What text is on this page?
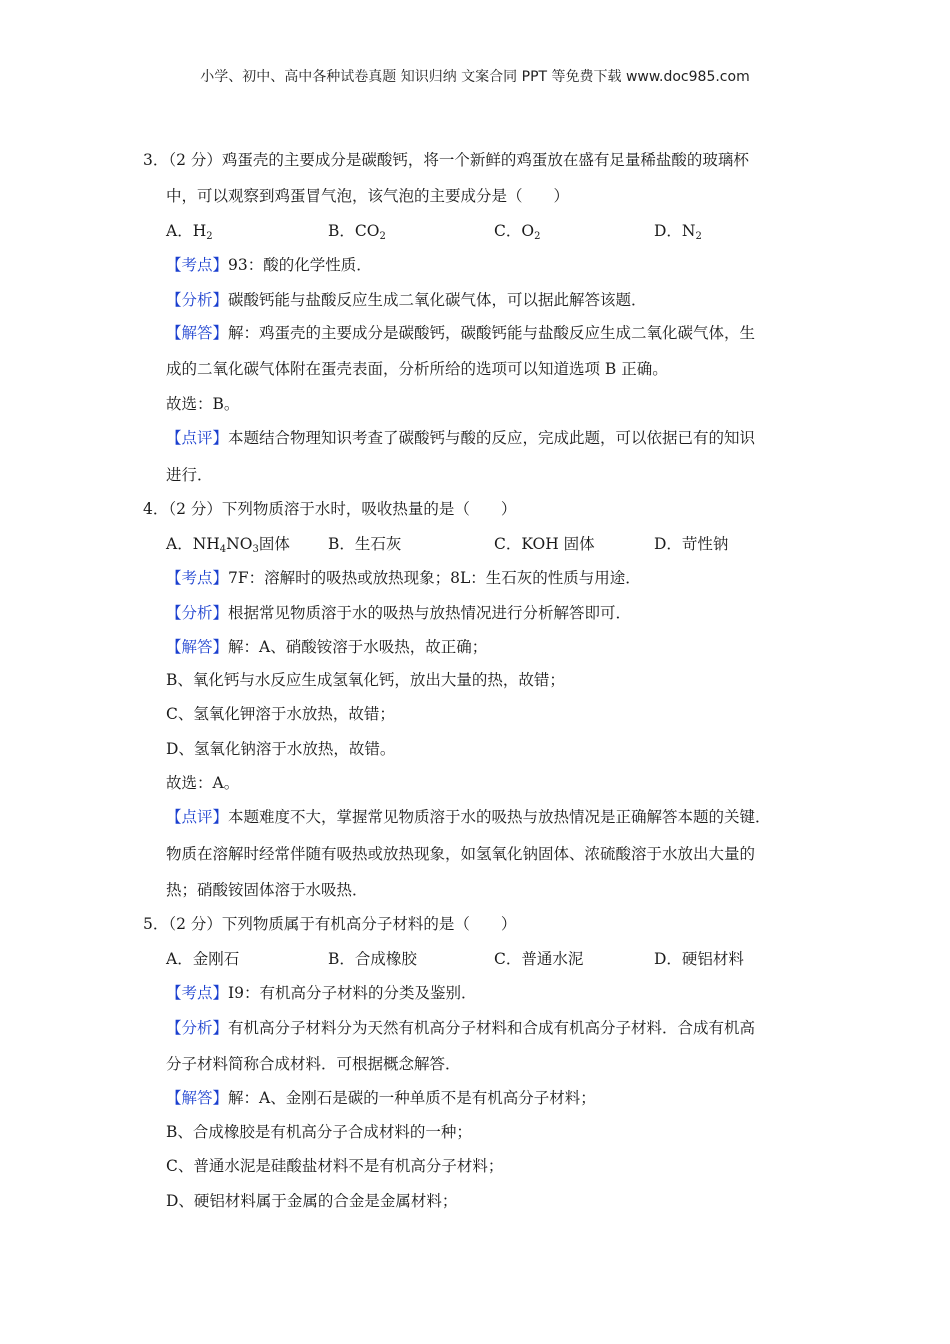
小学、初中、高中各种试卷真题 知识归纳 文案合同 PPT 等免费下载 www.doc985.com
3．（2 分）鸡蛋壳的主要成分是碳酸钙，将一个新鲜的鸡蛋放在盛有足量稀盐酸的玻璃杯
中，可以观察到鸡蛋冒气泡，该气泡的主要成分是（　　）
A．$H_2$	B．$CO_2$	C．$O_2$	D．$N_2$
【考点】93：酸的化学性质．
【分析】碳酸钙能与盐酸反应生成二氧化碳气体，可以据此解答该题．
【解答】解：鸡蛋壳的主要成分是碳酸钙，碳酸钙能与盐酸反应生成二氧化碳气体，生
成的二氧化碳气体附在蛋壳表面，分析所给的选项可以知道选项 B 正确。
故选：B。
【点评】本题结合物理知识考查了碳酸钙与酸的反应，完成此题，可以依据已有的知识
进行．
4．（2 分）下列物质溶于水时，吸收热量的是（　　）
A．$NH_4NO_3$固体 B．生石灰	C．KOH 固体	D．苛性钠
【考点】7F：溶解时的吸热或放热现象；8L：生石灰的性质与用途．
【分析】根据常见物质溶于水的吸热与放热情况进行分析解答即可．
【解答】解：A、硝酸铵溶于水吸热，故正确；
B、氧化钙与水反应生成氢氧化钙，放出大量的热，故错；
C、氢氧化钾溶于水放热，故错；
D、氢氧化钠溶于水放热，故错。
故选：A。
【点评】本题难度不大，掌握常见物质溶于水的吸热与放热情况是正确解答本题的关键．
物质在溶解时经常伴随有吸热或放热现象，如氢氧化钠固体、浓硫酸溶于水放出大量的
热；硝酸铵固体溶于水吸热．
5．（2 分）下列物质属于有机高分子材料的是（　　）
A．金刚石	B．合成橡胶	C．普通水泥	D．硬铝材料
【考点】I9：有机高分子材料的分类及鉴别．
【分析】有机高分子材料分为天然有机高分子材料和合成有机高分子材料．合成有机高
分子材料简称合成材料．可根据概念解答．
【解答】解：A、金刚石是碳的一种单质不是有机高分子材料；
B、合成橡胶是有机高分子合成材料的一种；
C、普通水泥是硅酸盐材料不是有机高分子材料；
D、硬铝材料属于金属的合金是金属材料；
